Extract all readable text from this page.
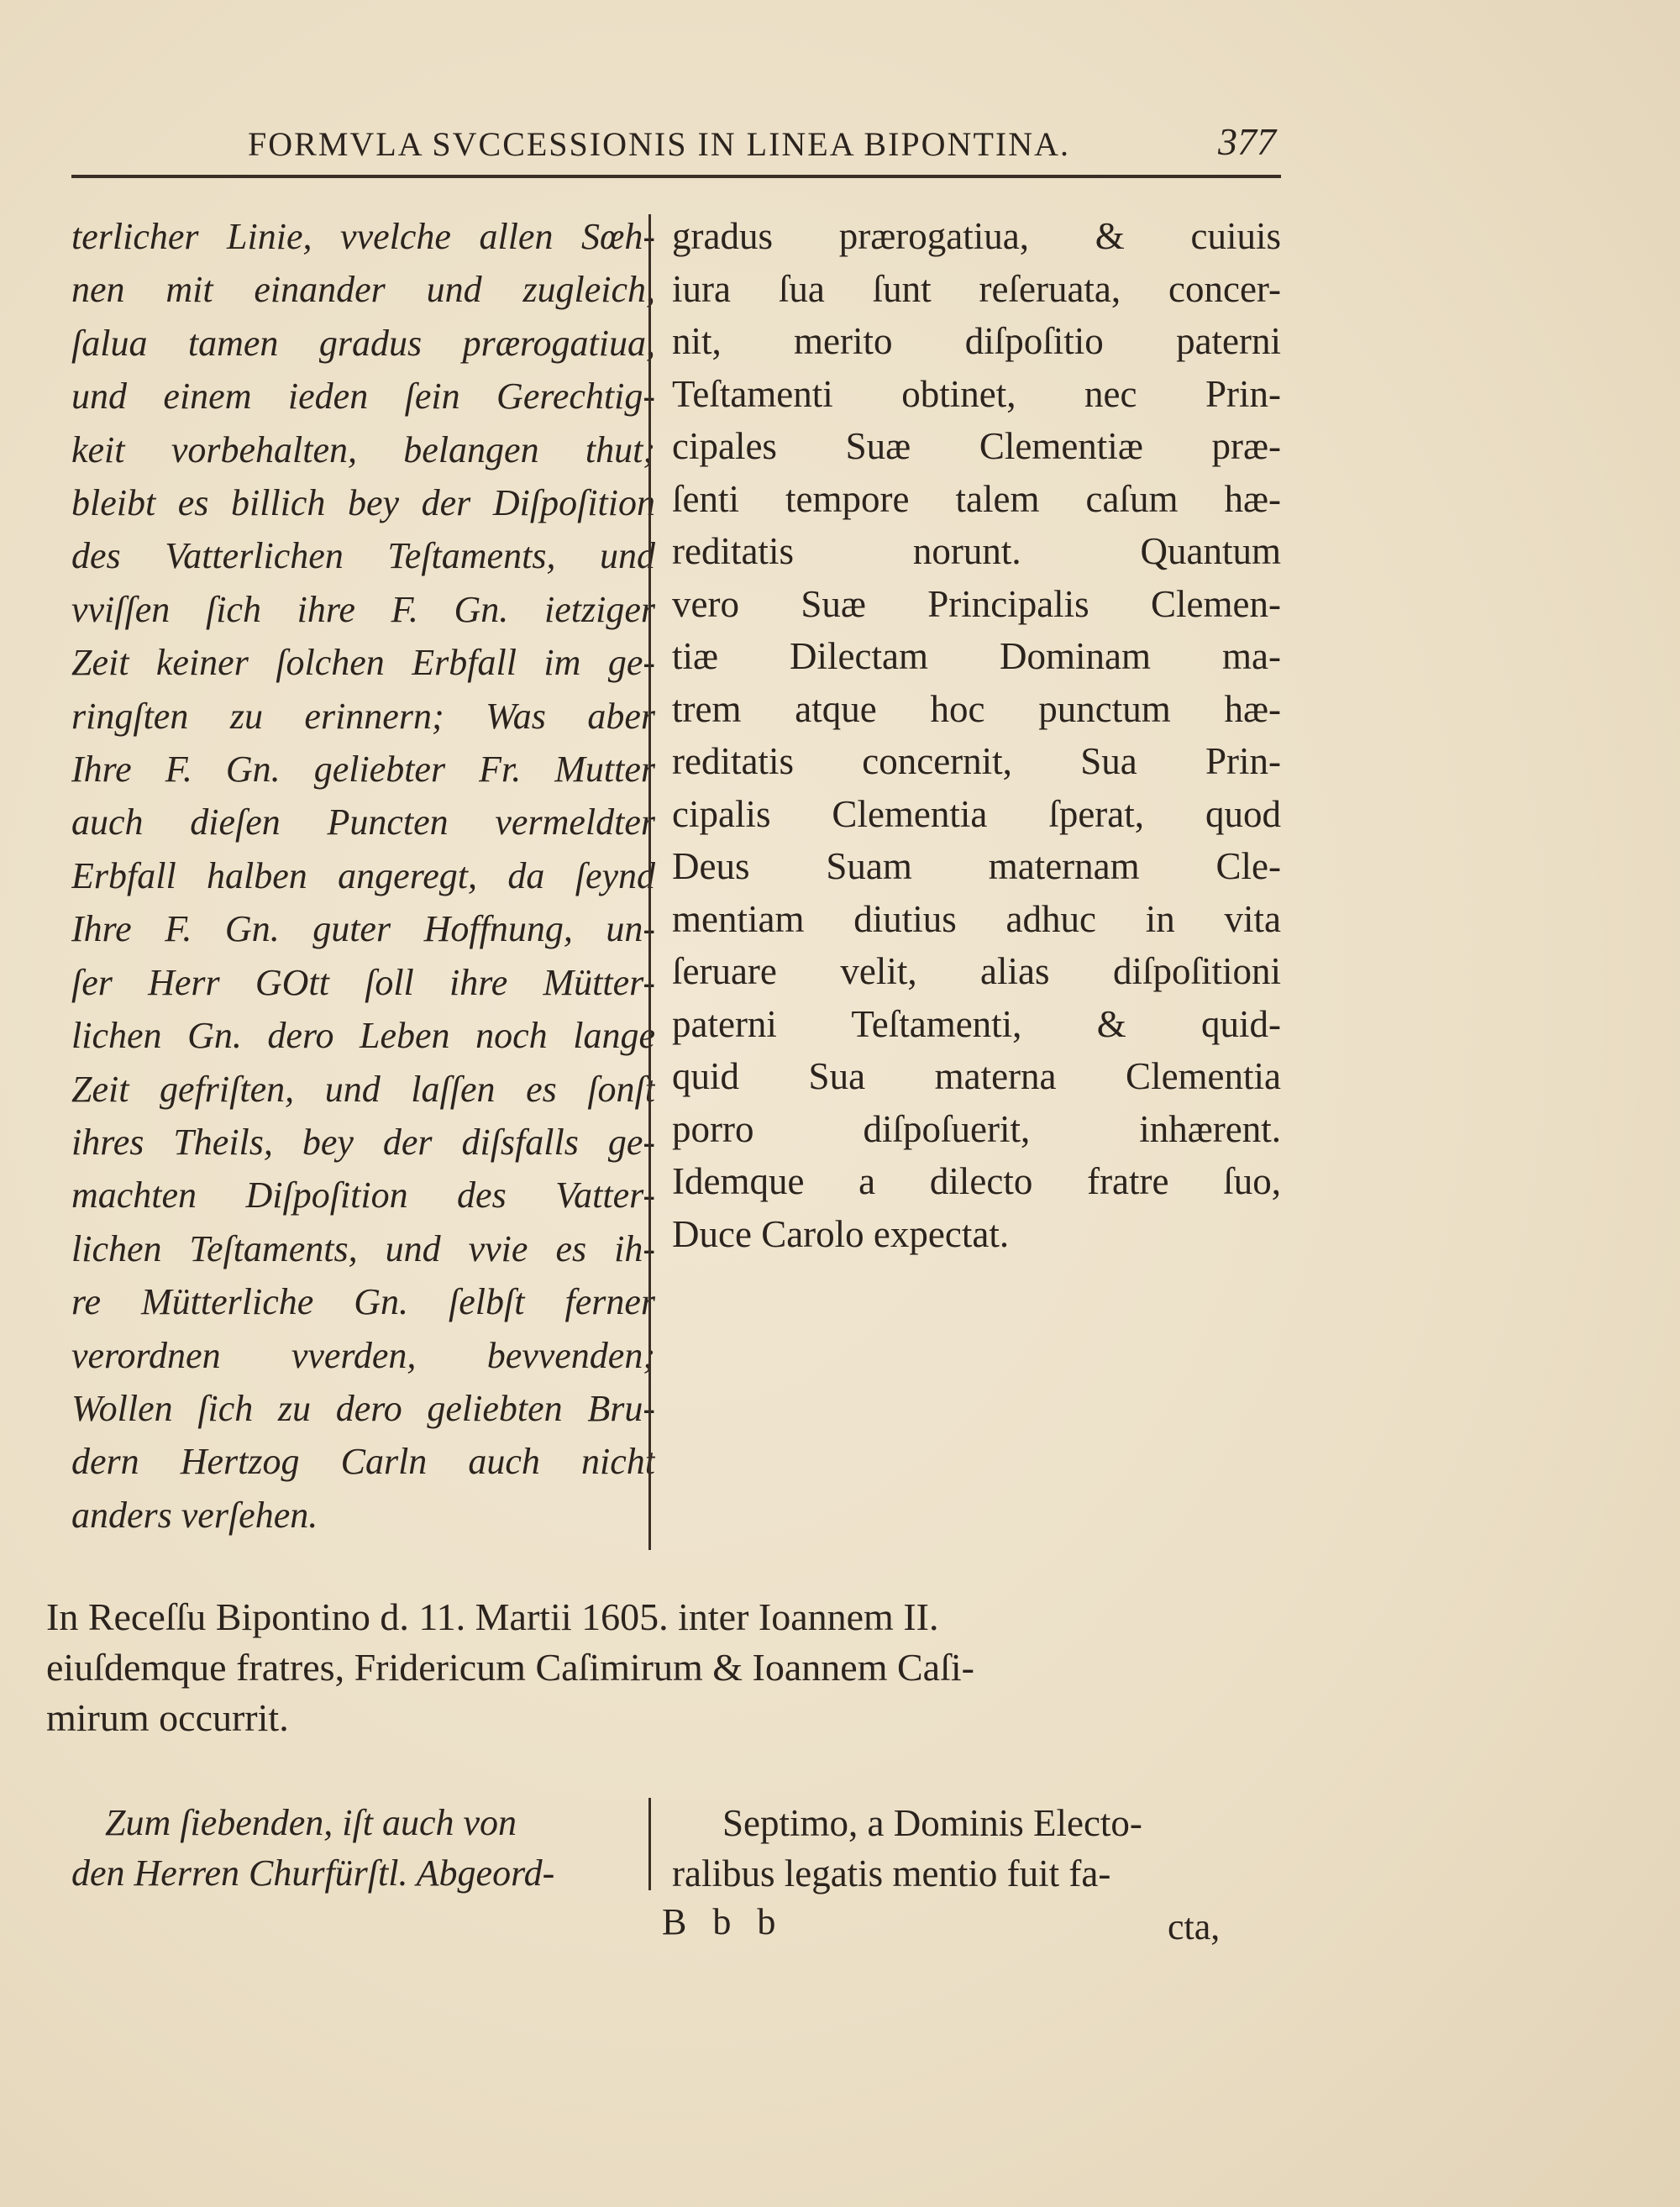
FORMVLA SVCCESSIONIS IN LINEA BIPONTINA.	377
terlicher Linie, vvelche allen Sœh-
nen mit einander und zugleich,
ſalua tamen gradus prærogatiua,
und einem ieden ſein Gerechtig-
keit vorbehalten, belangen thut;
bleibt es billich bey der Diſpoſition
des Vatterlichen Teſtaments, und
vviſſen ſich ihre F. Gn. ietziger
Zeit keiner ſolchen Erbfall im ge-
ringſten zu erinnern; Was aber
Ihre F. Gn. geliebter Fr. Mutter
auch dieſen Puncten vermeldter
Erbfall halben angeregt, da ſeynd
Ihre F. Gn. guter Hoffnung, un-
ſer Herr GOtt ſoll ihre Mütter-
lichen Gn. dero Leben noch lange
Zeit gefriſten, und laſſen es ſonſt
ihres Theils, bey der diſsfalls ge-
machten Diſpoſition des Vatter-
lichen Teſtaments, und vvie es ih-
re Mütterliche Gn. ſelbſt ferner
verordnen vverden, bevvenden;
Wollen ſich zu dero geliebten Bru-
dern Hertzog Carln auch nicht
anders verſehen.
gradus prærogatiua, & cuiuis
iura ſua ſunt reſeruata, concer-
nit, merito diſpoſitio paterni
Teſtamenti obtinet, nec Prin-
cipales Suæ Clementiæ præ-
ſenti tempore talem caſum hæ-
reditatis norunt. Quantum
vero Suæ Principalis Clemen-
tiæ Dilectam Dominam ma-
trem atque hoc punctum hæ-
reditatis concernit, Sua Prin-
cipalis Clementia ſperat, quod
Deus Suam maternam Cle-
mentiam diutius adhuc in vita
ſeruare velit, alias diſpoſitioni
paterni Teſtamenti, & quid-
quid Sua materna Clementia
porro diſpoſuerit, inhærent.
Idemque a dilecto fratre ſuo,
Duce Carolo expectat.
In Receſſu Bipontino d. 11. Martii 1605. inter Ioannem II.
eiuſdemque fratres, Fridericum Caſimirum & Ioannem Caſi-
mirum occurrit.
Zum ſiebenden, iſt auch von
den Herren Churfürſtl. Abgeord-
Septimo, a Dominis Electo-
ralibus legatis mentio fuit fa-
B b b	cta,
